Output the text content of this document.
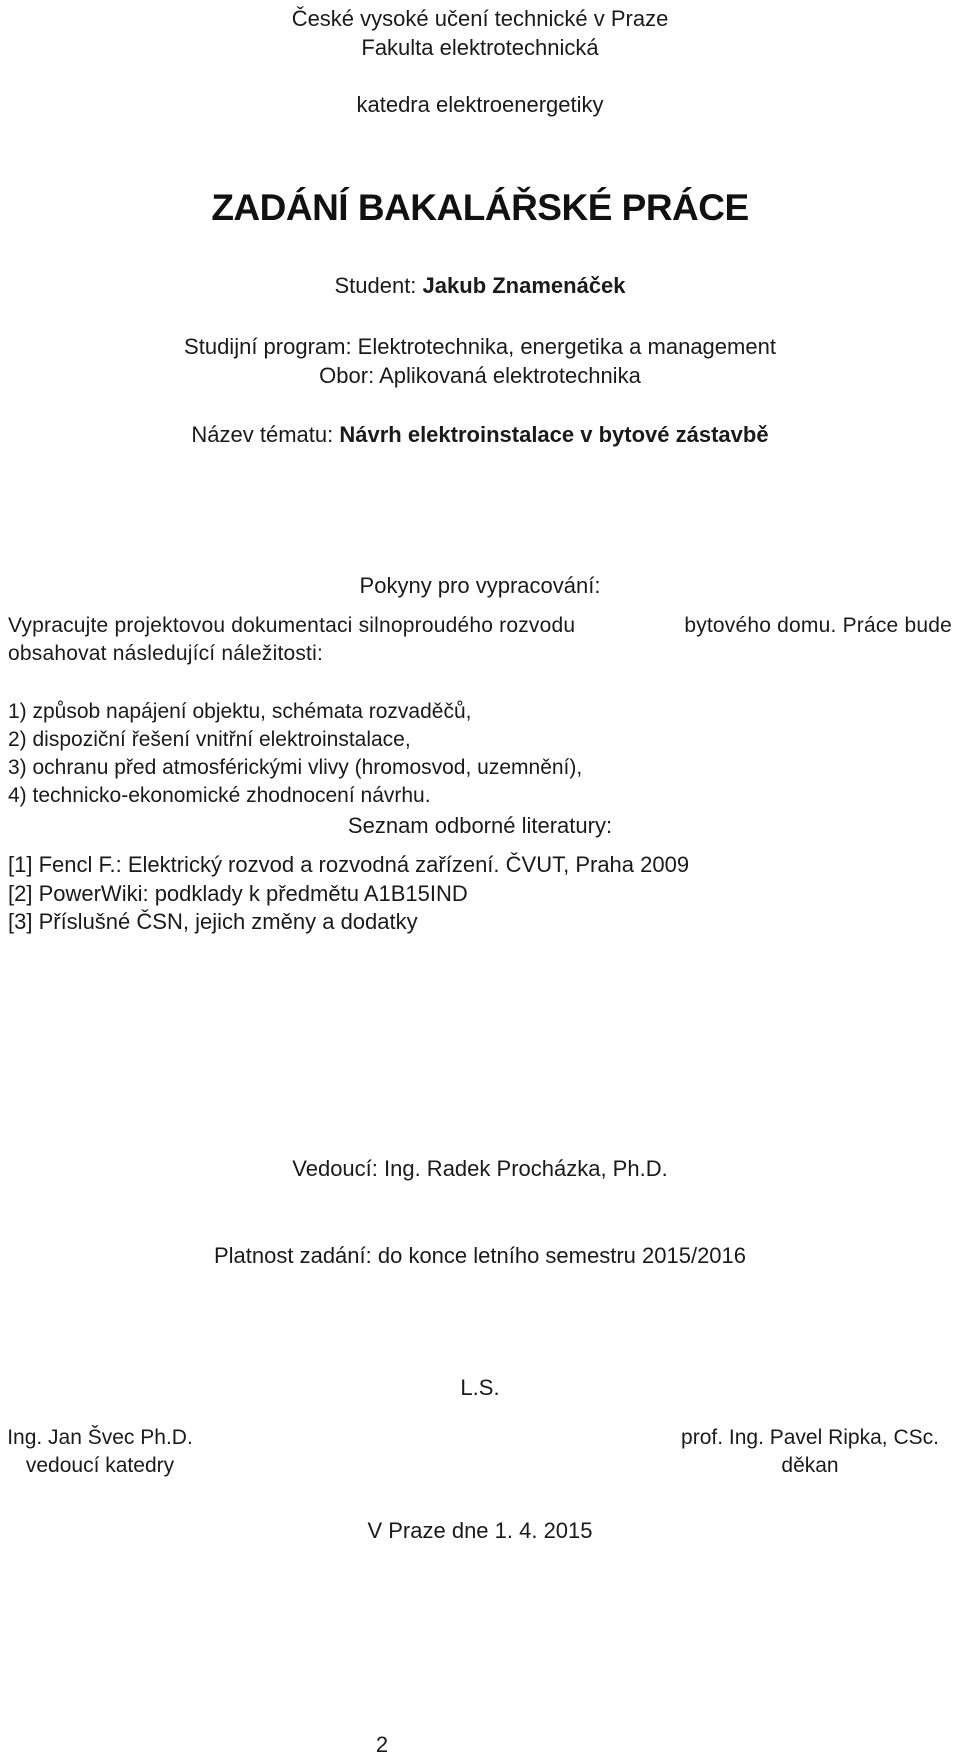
České vysoké učení technické v Praze
Fakulta elektrotechnická
katedra elektroenergetiky
ZADÁNÍ BAKALÁŘSKÉ PRÁCE
Student: Jakub Znamenáček
Studijní program: Elektrotechnika, energetika a management
Obor: Aplikovaná elektrotechnika
Název tématu: Návrh elektroinstalace v bytové zástavbě
Pokyny pro vypracování:
Vypracujte projektovou dokumentaci silnoproudého rozvodu	bytového domu. Práce bude
obsahovat následující náležitosti:
1) způsob napájení objektu, schémata rozvaděčů,
2) dispoziční řešení vnitřní elektroinstalace,
3) ochranu před atmosférickými vlivy (hromosvod, uzemnění),
4) technicko-ekonomické zhodnocení návrhu.
Seznam odborné literatury:
[1] Fencl F.: Elektrický rozvod a rozvodná zařízení. ČVUT, Praha 2009
[2] PowerWiki: podklady k předmětu A1B15IND
[3] Příslušné ČSN, jejich změny a dodatky
Vedoucí: Ing. Radek Procházka, Ph.D.
Platnost zadání: do konce letního semestru 2015/2016
L.S.
Ing. Jan Švec Ph.D.
vedoucí katedry
prof. Ing. Pavel Ripka, CSc.
děkan
V Praze dne 1. 4. 2015
2
